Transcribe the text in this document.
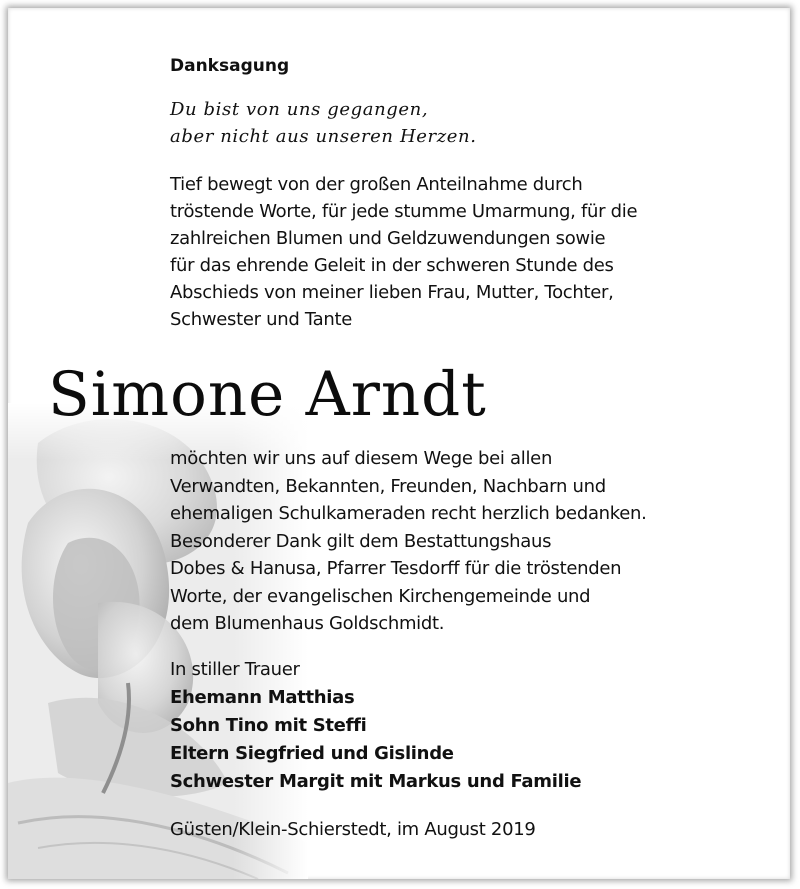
Danksagung
Du bist von uns gegangen,
aber nicht aus unseren Herzen.
Tief bewegt von der großen Anteilnahme durch
tröstende Worte, für jede stumme Umarmung, für die
zahlreichen Blumen und Geldzuwendungen sowie
für das ehrende Geleit in der schweren Stunde des
Abschieds von meiner lieben Frau, Mutter, Tochter,
Schwester und Tante
Simone Arndt
möchten wir uns auf diesem Wege bei allen
Verwandten, Bekannten, Freunden, Nachbarn und
ehemaligen Schulkameraden recht herzlich bedanken.
Besonderer Dank gilt dem Bestattungshaus
Dobes & Hanusa, Pfarrer Tesdorff für die tröstenden
Worte, der evangelischen Kirchengemeinde und
dem Blumenhaus Goldschmidt.
In stiller Trauer
Ehemann Matthias
Sohn Tino mit Steffi
Eltern Siegfried und Gislinde
Schwester Margit mit Markus und Familie
Güsten/Klein-Schierstedt, im August 2019
